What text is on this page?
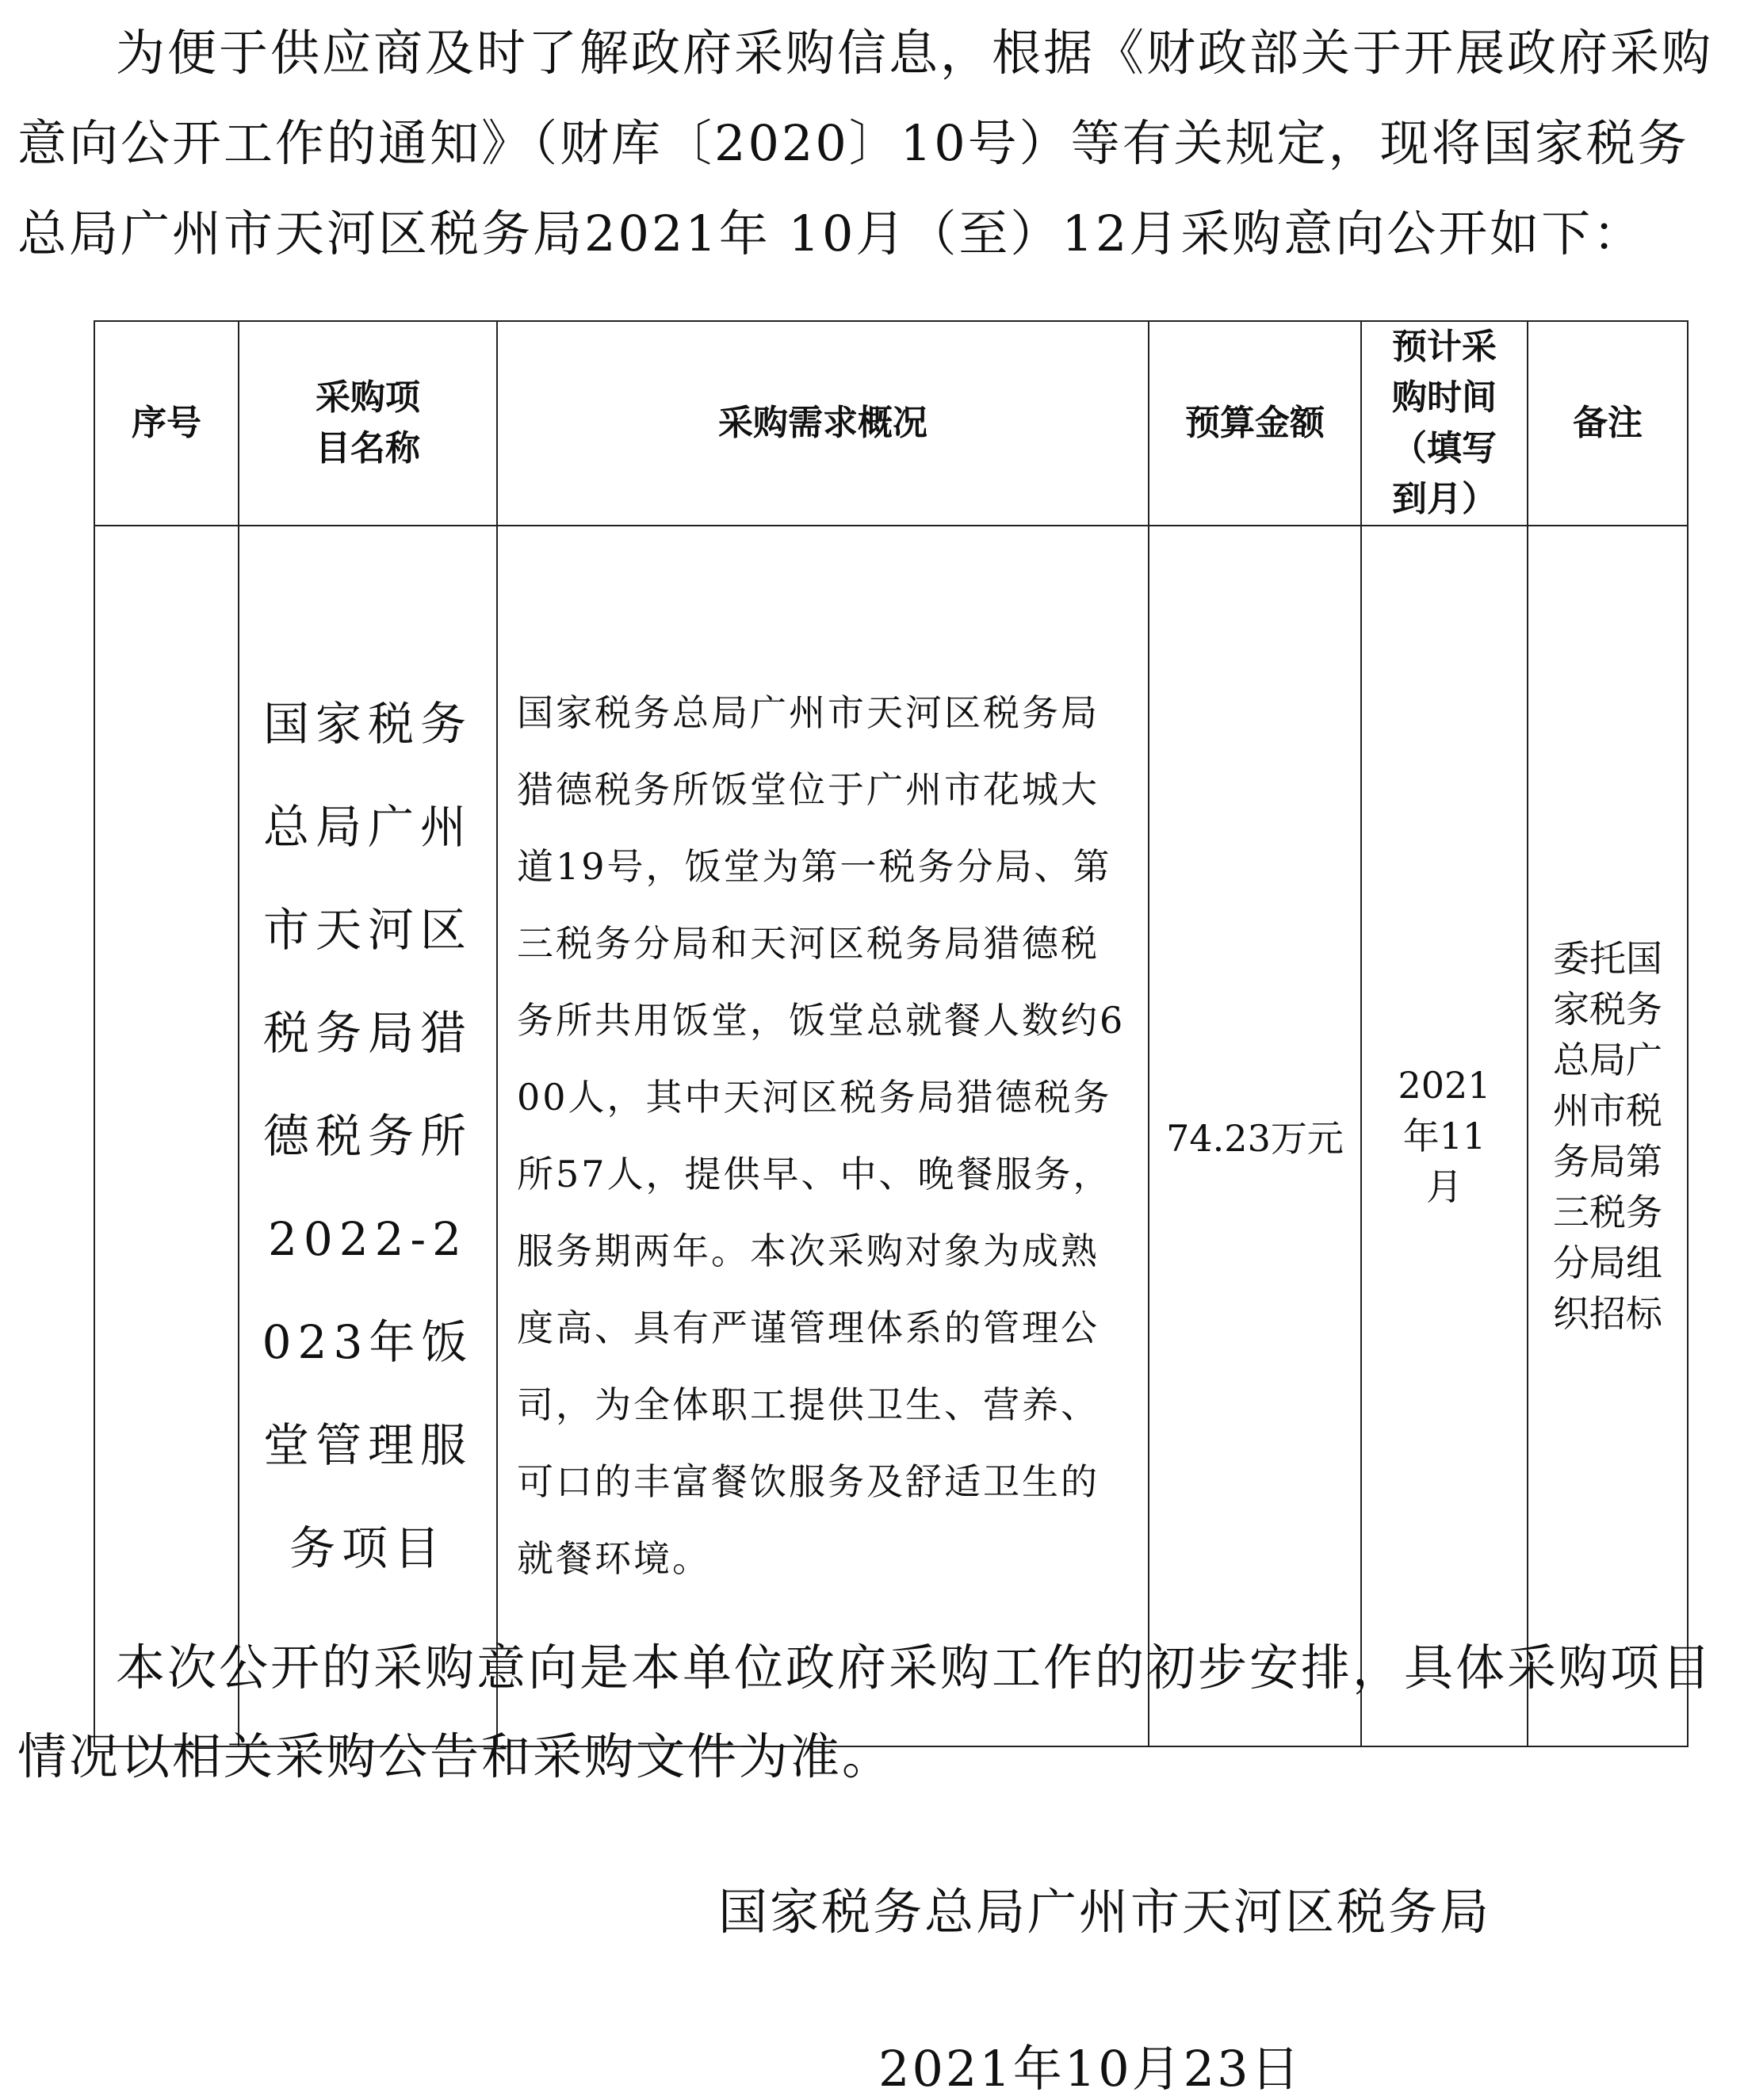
为便于供应商及时了解政府采购信息，根据《财政部关于开展政府采购意向公开工作的通知》（财库〔2020〕10号）等有关规定，现将国家税务总局广州市天河区税务局2021年 10月（至）12月采购意向公开如下：

序号	采购项目名称	采购需求概况	预算金额	预计采购时间（填写到月）	备注
	国家税务总局广州市天河区税务局猎德税务所2022-2023年饭堂管理服务项目	国家税务总局广州市天河区税务局猎德税务所饭堂位于广州市花城大道19号，饭堂为第一税务分局、第三税务分局和天河区税务局猎德税务所共用饭堂，饭堂总就餐人数约600人，其中天河区税务局猎德税务所57人，提供早、中、晚餐服务，服务期两年。本次采购对象为成熟度高、具有严谨管理体系的管理公司，为全体职工提供卫生、营养、可口的丰富餐饮服务及舒适卫生的就餐环境。	74.23万元	2021年11月	委托国家税务总局广州市税务局第三税务分局组织招标

本次公开的采购意向是本单位政府采购工作的初步安排，具体采购项目情况以相关采购公告和采购文件为准。

国家税务总局广州市天河区税务局
2021年10月23日
